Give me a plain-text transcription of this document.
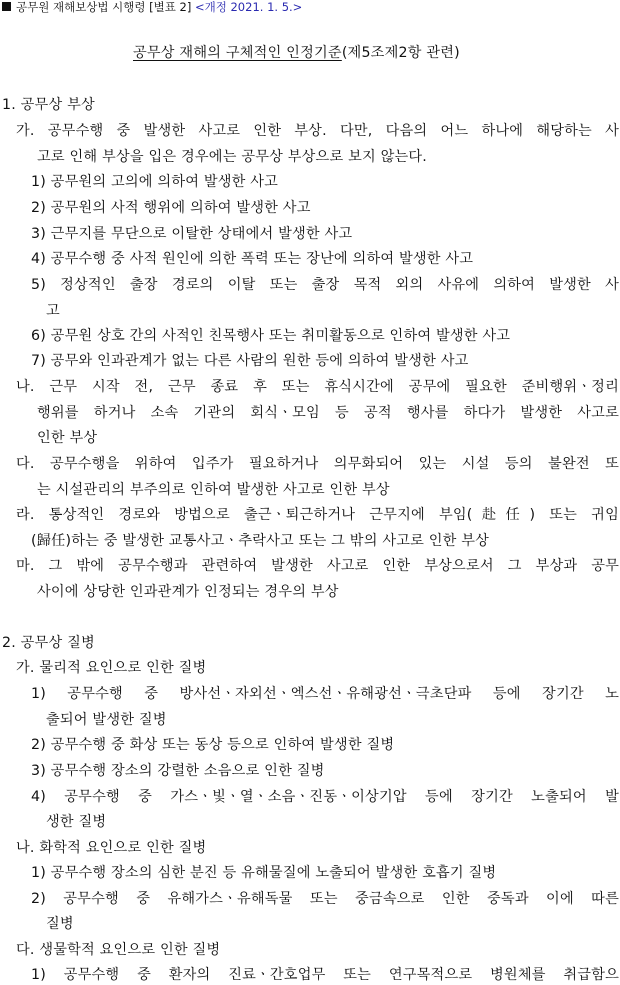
공무원 재해보상법 시행령 [별표 2] <개정 2021. 1. 5.>
공무상 재해의 구체적인 인정기준(제5조제2항 관련)
1. 공무상 부상
가. 공무수행 중 발생한 사고로 인한 부상. 다만, 다음의 어느 하나에 해당하는 사
고로 인해 부상을 입은 경우에는 공무상 부상으로 보지 않는다.
1) 공무원의 고의에 의하여 발생한 사고
2) 공무원의 사적 행위에 의하여 발생한 사고
3) 근무지를 무단으로 이탈한 상태에서 발생한 사고
4) 공무수행 중 사적 원인에 의한 폭력 또는 장난에 의하여 발생한 사고
5) 정상적인 출장 경로의 이탈 또는 출장 목적 외의 사유에 의하여 발생한 사
고
6) 공무원 상호 간의 사적인 친목행사 또는 취미활동으로 인하여 발생한 사고
7) 공무와 인과관계가 없는 다른 사람의 원한 등에 의하여 발생한 사고
나. 근무 시작 전, 근무 종료 후 또는 휴식시간에 공무에 필요한 준비행위ㆍ정리
행위를 하거나 소속 기관의 회식ㆍ모임 등 공적 행사를 하다가 발생한 사고로
인한 부상
다. 공무수행을 위하여 입주가 필요하거나 의무화되어 있는 시설 등의 불완전 또
는 시설관리의 부주의로 인하여 발생한 사고로 인한 부상
라. 통상적인 경로와 방법으로 출근ㆍ퇴근하거나 근무지에 부임(赴任) 또는 귀임
(歸任)하는 중 발생한 교통사고ㆍ추락사고 또는 그 밖의 사고로 인한 부상
마. 그 밖에 공무수행과 관련하여 발생한 사고로 인한 부상으로서 그 부상과 공무
사이에 상당한 인과관계가 인정되는 경우의 부상
2. 공무상 질병
가. 물리적 요인으로 인한 질병
1) 공무수행 중 방사선ㆍ자외선ㆍ엑스선ㆍ유해광선ㆍ극초단파 등에 장기간 노
출되어 발생한 질병
2) 공무수행 중 화상 또는 동상 등으로 인하여 발생한 질병
3) 공무수행 장소의 강렬한 소음으로 인한 질병
4) 공무수행 중 가스ㆍ빛ㆍ열ㆍ소음ㆍ진동ㆍ이상기압 등에 장기간 노출되어 발
생한 질병
나. 화학적 요인으로 인한 질병
1) 공무수행 장소의 심한 분진 등 유해물질에 노출되어 발생한 호흡기 질병
2) 공무수행 중 유해가스ㆍ유해독물 또는 중금속으로 인한 중독과 이에 따른
질병
다. 생물학적 요인으로 인한 질병
1) 공무수행 중 환자의 진료ㆍ간호업무 또는 연구목적으로 병원체를 취급함으
